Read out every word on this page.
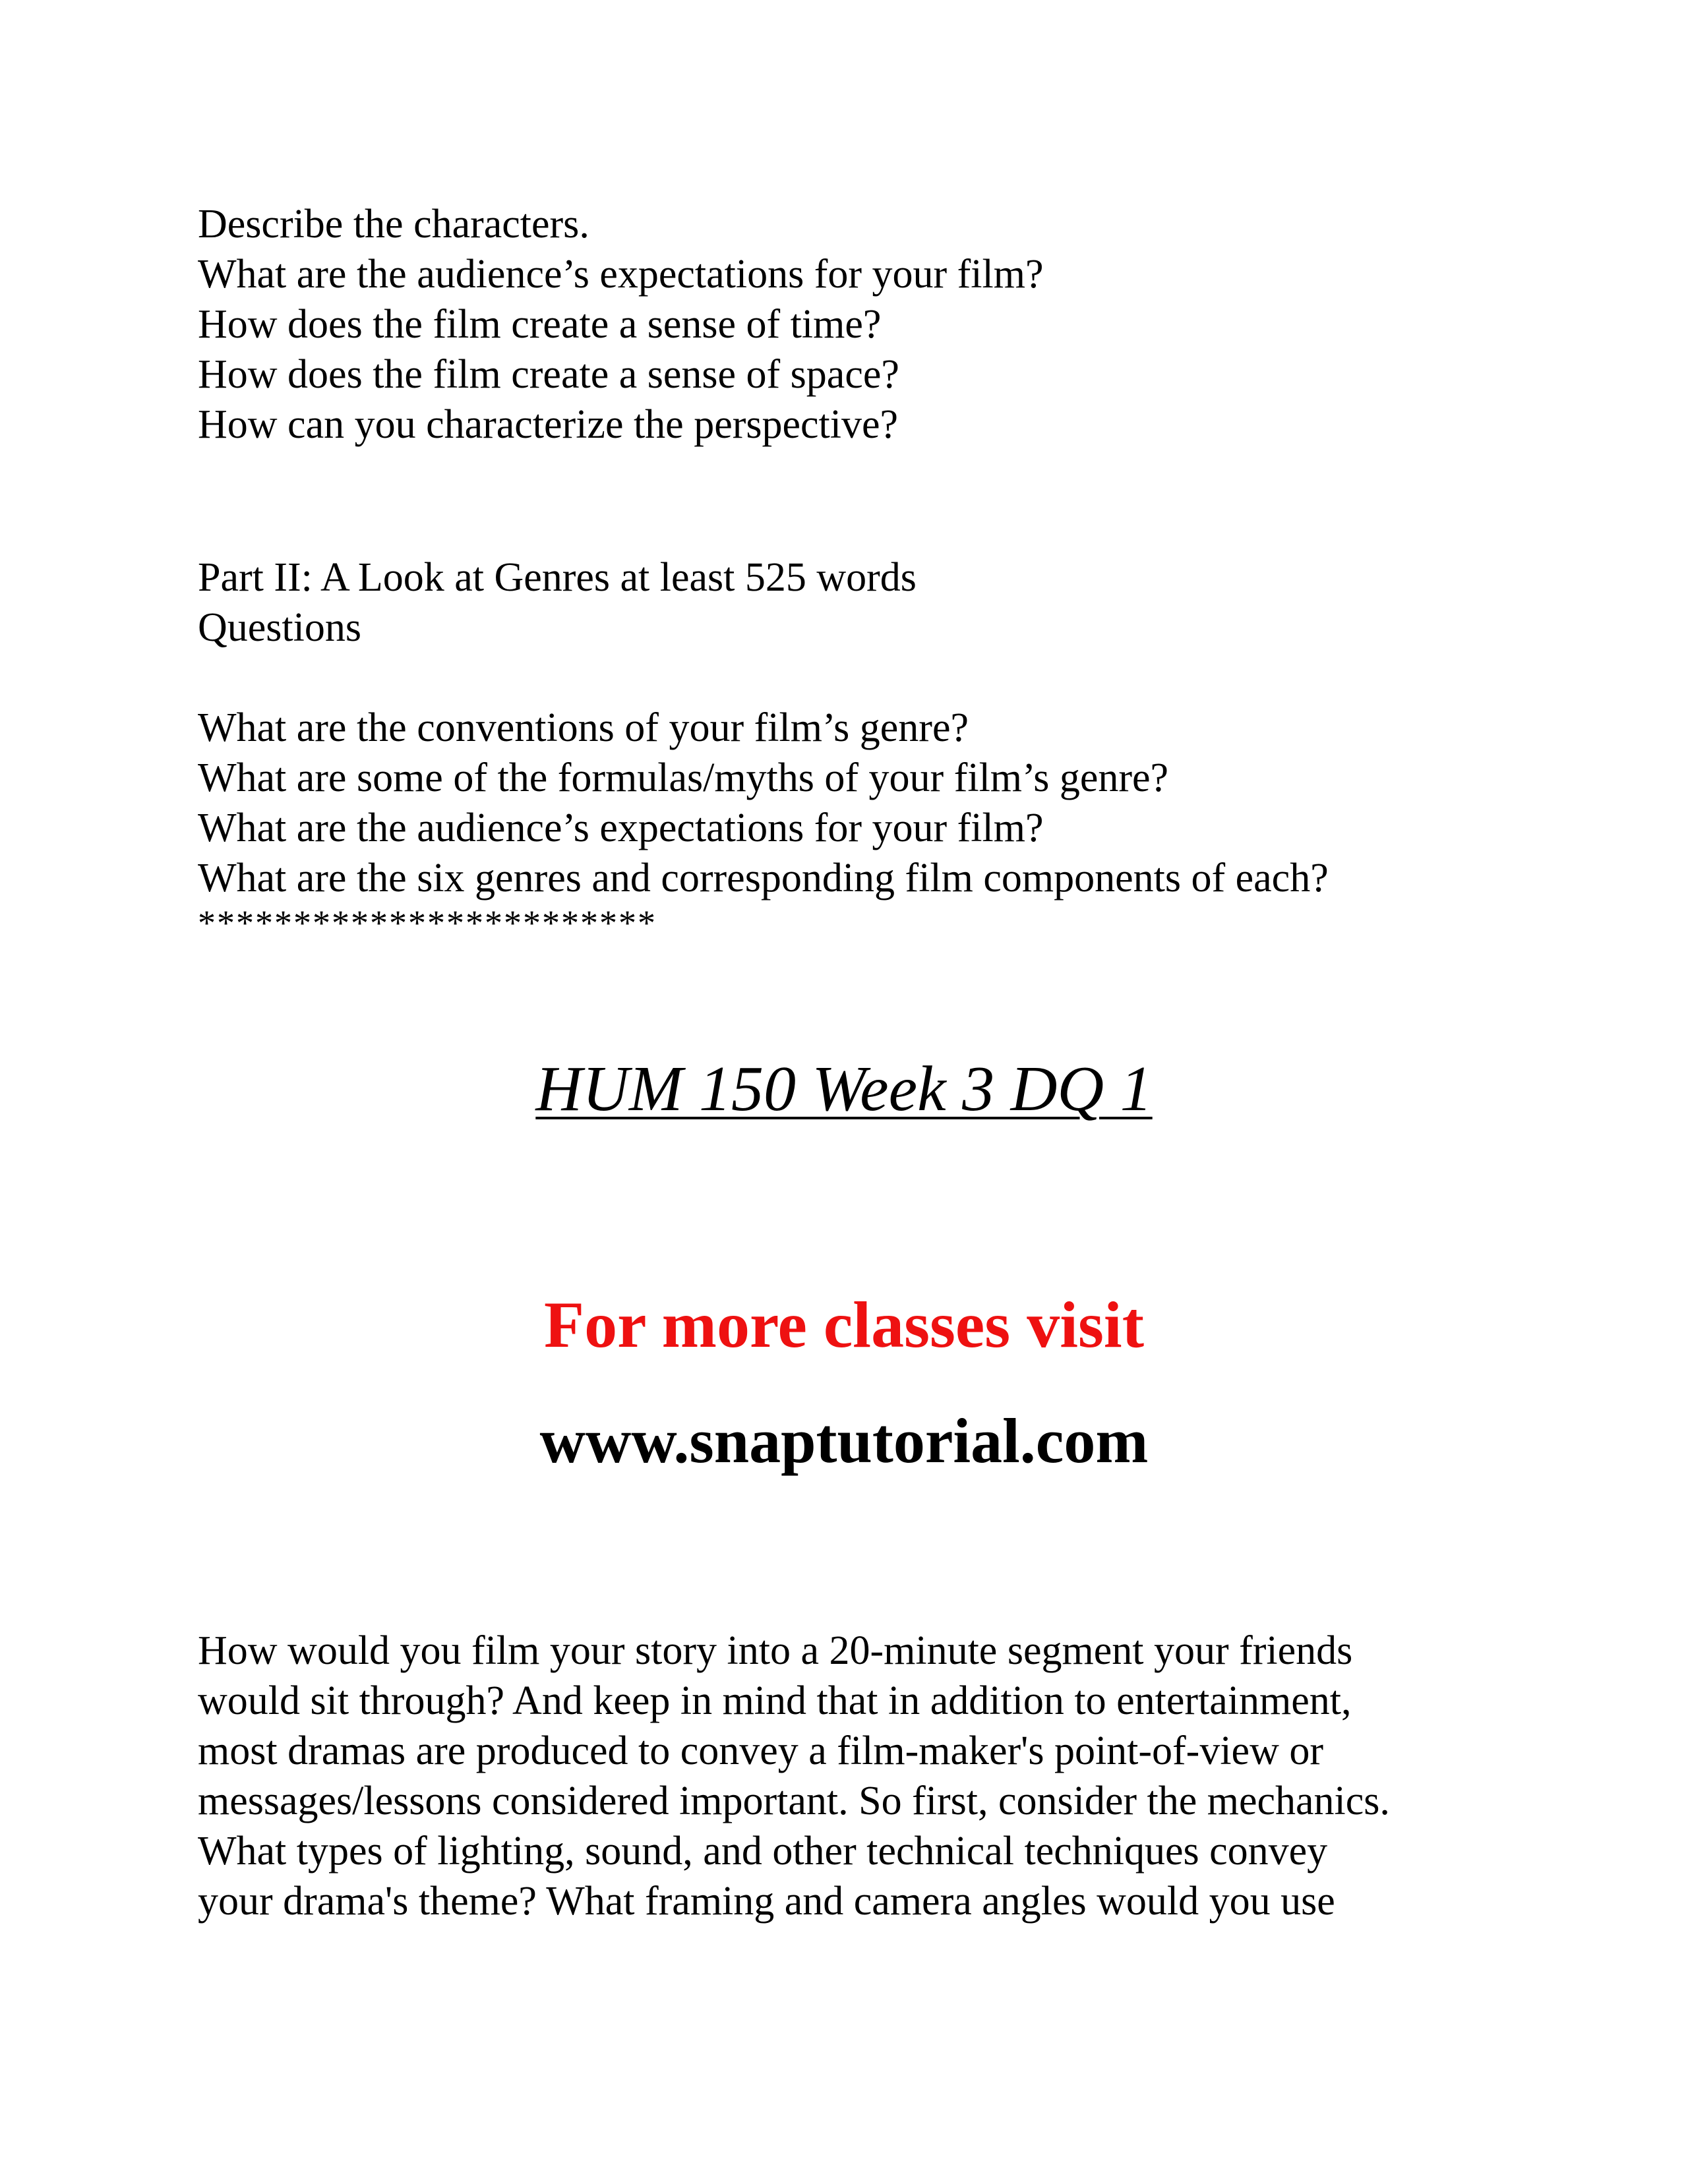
Describe the characters.
What are the audience’s expectations for your film?
How does the film create a sense of time?
How does the film create a sense of space?
How can you characterize the perspective?
Part II: A Look at Genres at least 525 words
Questions
What are the conventions of your film’s genre?
What are some of the formulas/myths of your film’s genre?
What are the audience’s expectations for your film?
What are the six genres and corresponding film components of each?
************************
HUM 150 Week 3 DQ 1
For more classes visit
www.snaptutorial.com
How would you film your story into a 20-minute segment your friends
would sit through? And keep in mind that in addition to entertainment,
most dramas are produced to convey a film-maker's point-of-view or
messages/lessons considered important. So first, consider the mechanics.
What types of lighting, sound, and other technical techniques convey
your drama's theme? What framing and camera angles would you use
